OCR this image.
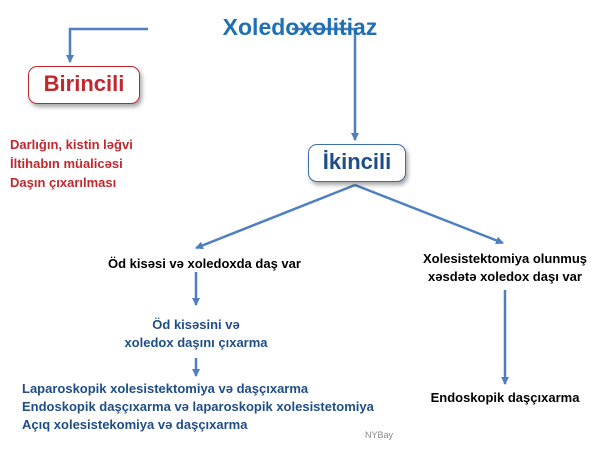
Xoledoxolitiaz
Birincili
Darlığın, kistin ləğvi
İltihabın müalicəsi
Daşın çıxarılması
İkincili
Öd kisəsi və xoledoxda daş var	Xolesistektomiya olunmuş
xəsdətə xoledox daşı var
Öd kisəsini və
xoledox daşını çıxarma
Laparoskopik xolesistektomiya və daşçıxarma
Endoskopik daşçıxarma və laparoskopik xolesistetomiya
Açıq xolesistekomiya və daşçıxarma
Endoskopik daşçıxarma
NYBay
